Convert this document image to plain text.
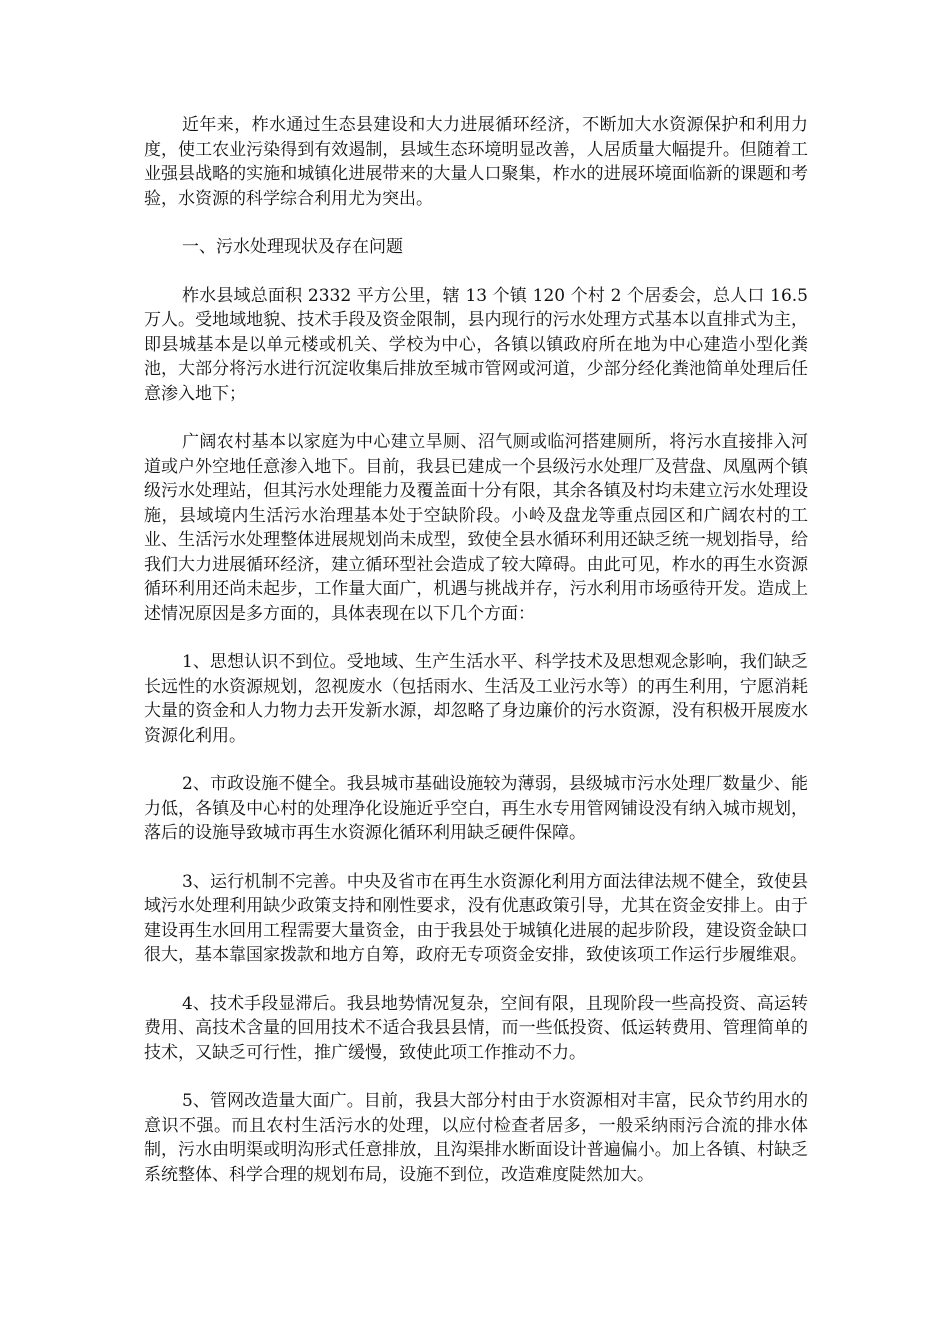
近年来，柞水通过生态县建设和大力进展循环经济，不断加大水资源保护和利用力度，使工农业污染得到有效遏制，县域生态环境明显改善，人居质量大幅提升。但随着工业强县战略的实施和城镇化进展带来的大量人口聚集，柞水的进展环境面临新的课题和考验，水资源的科学综合利用尤为突出。

一、污水处理现状及存在问题

柞水县域总面积 2332 平方公里，辖 13 个镇 120 个村 2 个居委会，总人口 16.5 万人。受地域地貌、技术手段及资金限制，县内现行的污水处理方式基本以直排式为主，即县城基本是以单元楼或机关、学校为中心，各镇以镇政府所在地为中心建造小型化粪池，大部分将污水进行沉淀收集后排放至城市管网或河道，少部分经化粪池简单处理后任意渗入地下；

广阔农村基本以家庭为中心建立旱厕、沼气厕或临河搭建厕所，将污水直接排入河道或户外空地任意渗入地下。目前，我县已建成一个县级污水处理厂及营盘、凤凰两个镇级污水处理站，但其污水处理能力及覆盖面十分有限，其余各镇及村均未建立污水处理设施，县域境内生活污水治理基本处于空缺阶段。小岭及盘龙等重点园区和广阔农村的工业、生活污水处理整体进展规划尚未成型，致使全县水循环利用还缺乏统一规划指导，给我们大力进展循环经济，建立循环型社会造成了较大障碍。由此可见，柞水的再生水资源循环利用还尚未起步，工作量大面广，机遇与挑战并存，污水利用市场亟待开发。造成上述情况原因是多方面的，具体表现在以下几个方面：

1、思想认识不到位。受地域、生产生活水平、科学技术及思想观念影响，我们缺乏长远性的水资源规划，忽视废水（包括雨水、生活及工业污水等）的再生利用，宁愿消耗大量的资金和人力物力去开发新水源，却忽略了身边廉价的污水资源，没有积极开展废水资源化利用。

2、市政设施不健全。我县城市基础设施较为薄弱，县级城市污水处理厂数量少、能力低，各镇及中心村的处理净化设施近乎空白，再生水专用管网铺设没有纳入城市规划，落后的设施导致城市再生水资源化循环利用缺乏硬件保障。

3、运行机制不完善。中央及省市在再生水资源化利用方面法律法规不健全，致使县域污水处理利用缺少政策支持和刚性要求，没有优惠政策引导，尤其在资金安排上。由于建设再生水回用工程需要大量资金，由于我县处于城镇化进展的起步阶段，建设资金缺口很大，基本靠国家拨款和地方自筹，政府无专项资金安排，致使该项工作运行步履维艰。

4、技术手段显滞后。我县地势情况复杂，空间有限，且现阶段一些高投资、高运转费用、高技术含量的回用技术不适合我县县情，而一些低投资、低运转费用、管理简单的技术，又缺乏可行性，推广缓慢，致使此项工作推动不力。

5、管网改造量大面广。目前，我县大部分村由于水资源相对丰富，民众节约用水的意识不强。而且农村生活污水的处理，以应付检查者居多，一般采纳雨污合流的排水体制，污水由明渠或明沟形式任意排放，且沟渠排水断面设计普遍偏小。加上各镇、村缺乏系统整体、科学合理的规划布局，设施不到位，改造难度陡然加大。
